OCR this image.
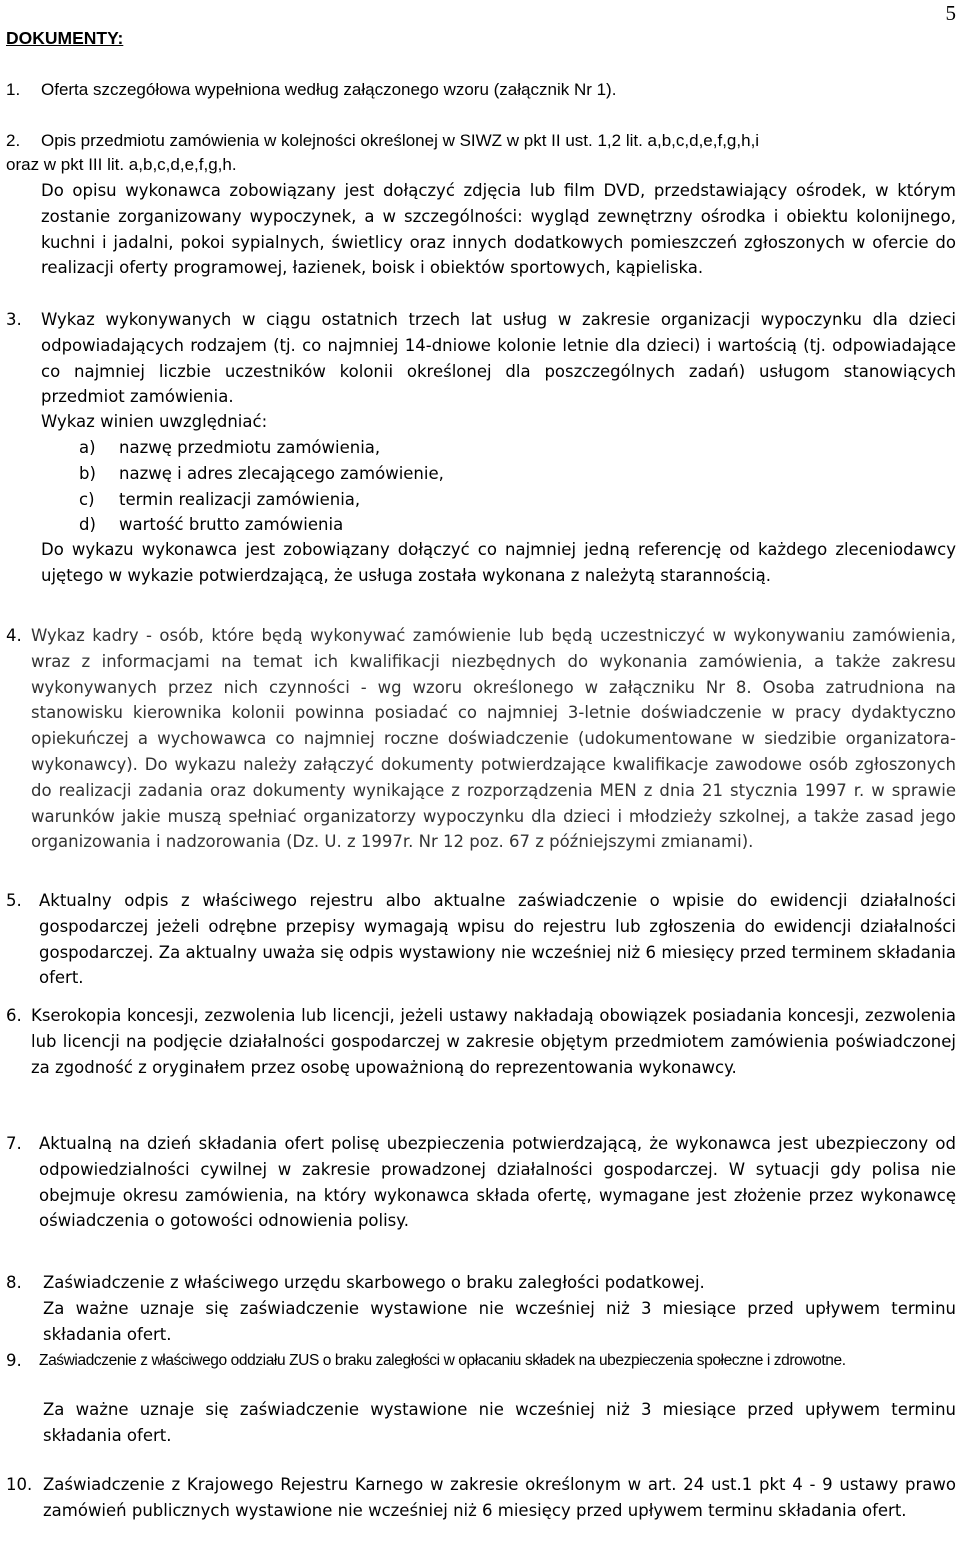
5
DOKUMENTY:
1. Oferta szczegółowa wypełniona według załączonego wzoru (załącznik Nr 1).
2. Opis przedmiotu zamówienia w kolejności określonej w SIWZ w pkt II ust. 1,2 lit. a,b,c,d,e,f,g,h,i
oraz w pkt III lit. a,b,c,d,e,f,g,h.

Do opisu wykonawca zobowiązany jest dołączyć zdjęcia lub film DVD, przedstawiający ośrodek, w którym zostanie zorganizowany wypoczynek, a w szczególności: wygląd zewnętrzny ośrodka i obiektu kolonijnego, kuchni i jadalni, pokoi sypialnych, świetlicy oraz innych dodatkowych pomieszczeń zgłoszonych w ofercie do realizacji oferty programowej, łazienek, boisk i obiektów sportowych, kąpieliska.

3. Wykaz wykonywanych w ciągu ostatnich trzech lat usług w zakresie organizacji wypoczynku dla dzieci odpowiadających rodzajem (tj. co najmniej 14-dniowe kolonie letnie dla dzieci) i wartością (tj. odpowiadające co najmniej liczbie uczestników kolonii określonej dla poszczególnych zadań) usługom stanowiących przedmiot zamówienia.

Wykaz winien uwzględniać:
a) nazwę przedmiotu zamówienia,
b) nazwę i adres zlecającego zamówienie,
c) termin realizacji zamówienia,
d) wartość brutto zamówienia

Do wykazu wykonawca jest zobowiązany dołączyć co najmniej jedną referencję od każdego zleceniodawcy ujętego w wykazie potwierdzającą, że usługa została wykonana z należytą starannością.

4. Wykaz kadry - osób, które będą wykonywać zamówienie lub będą uczestniczyć w wykonywaniu zamówienia, wraz z informacjami na temat ich kwalifikacji niezbędnych do wykonania zamówienia, a także zakresu wykonywanych przez nich czynności - wg wzoru określonego w załączniku Nr 8. Osoba zatrudniona na stanowisku kierownika kolonii powinna posiadać co najmniej 3-letnie doświadczenie w pracy dydaktyczno opiekuńczej a wychowawca co najmniej roczne doświadczenie (udokumentowane w siedzibie organizatora-wykonawcy). Do wykazu należy załączyć dokumenty potwierdzające kwalifikacje zawodowe osób zgłoszonych do realizacji zadania oraz dokumenty wynikające z rozporządzenia MEN z dnia 21 stycznia 1997 r. w sprawie warunków jakie muszą spełniać organizatorzy wypoczynku dla dzieci i młodzieży szkolnej, a także zasad jego organizowania i nadzorowania (Dz. U. z 1997r. Nr 12 poz. 67 z późniejszymi zmianami).

5. Aktualny odpis z właściwego rejestru albo aktualne zaświadczenie o wpisie do ewidencji działalności gospodarczej jeżeli odrębne przepisy wymagają wpisu do rejestru lub zgłoszenia do ewidencji działalności gospodarczej. Za aktualny uważa się odpis wystawiony nie wcześniej niż 6 miesięcy przed terminem składania ofert.

6. Kserokopia koncesji, zezwolenia lub licencji, jeżeli ustawy nakładają obowiązek posiadania koncesji, zezwolenia lub licencji na podjęcie działalności gospodarczej w zakresie objętym przedmiotem zamówienia poświadczonej za zgodność z oryginałem przez osobę upoważnioną do reprezentowania wykonawcy.

7. Aktualną na dzień składania ofert polisę ubezpieczenia potwierdzającą, że wykonawca jest ubezpieczony od odpowiedzialności cywilnej w zakresie prowadzonej działalności gospodarczej. W sytuacji gdy polisa nie obejmuje okresu zamówienia, na który wykonawca składa ofertę, wymagane jest złożenie przez wykonawcę oświadczenia o gotowości odnowienia polisy.

8. Zaświadczenie z właściwego urzędu skarbowego o braku zaległości podatkowej.

Za ważne uznaje się zaświadczenie wystawione nie wcześniej niż 3 miesiące przed upływem terminu składania ofert.

9. Zaświadczenie z właściwego oddziału ZUS o braku zaległości w opłacaniu składek na ubezpieczenia społeczne i zdrowotne.

Za ważne uznaje się zaświadczenie wystawione nie wcześniej niż 3 miesiące przed upływem terminu składania ofert.

10. Zaświadczenie z Krajowego Rejestru Karnego w zakresie określonym w art. 24 ust.1 pkt 4 - 9 ustawy prawo zamówień publicznych wystawione nie wcześniej niż 6 miesięcy przed upływem terminu składania ofert.
